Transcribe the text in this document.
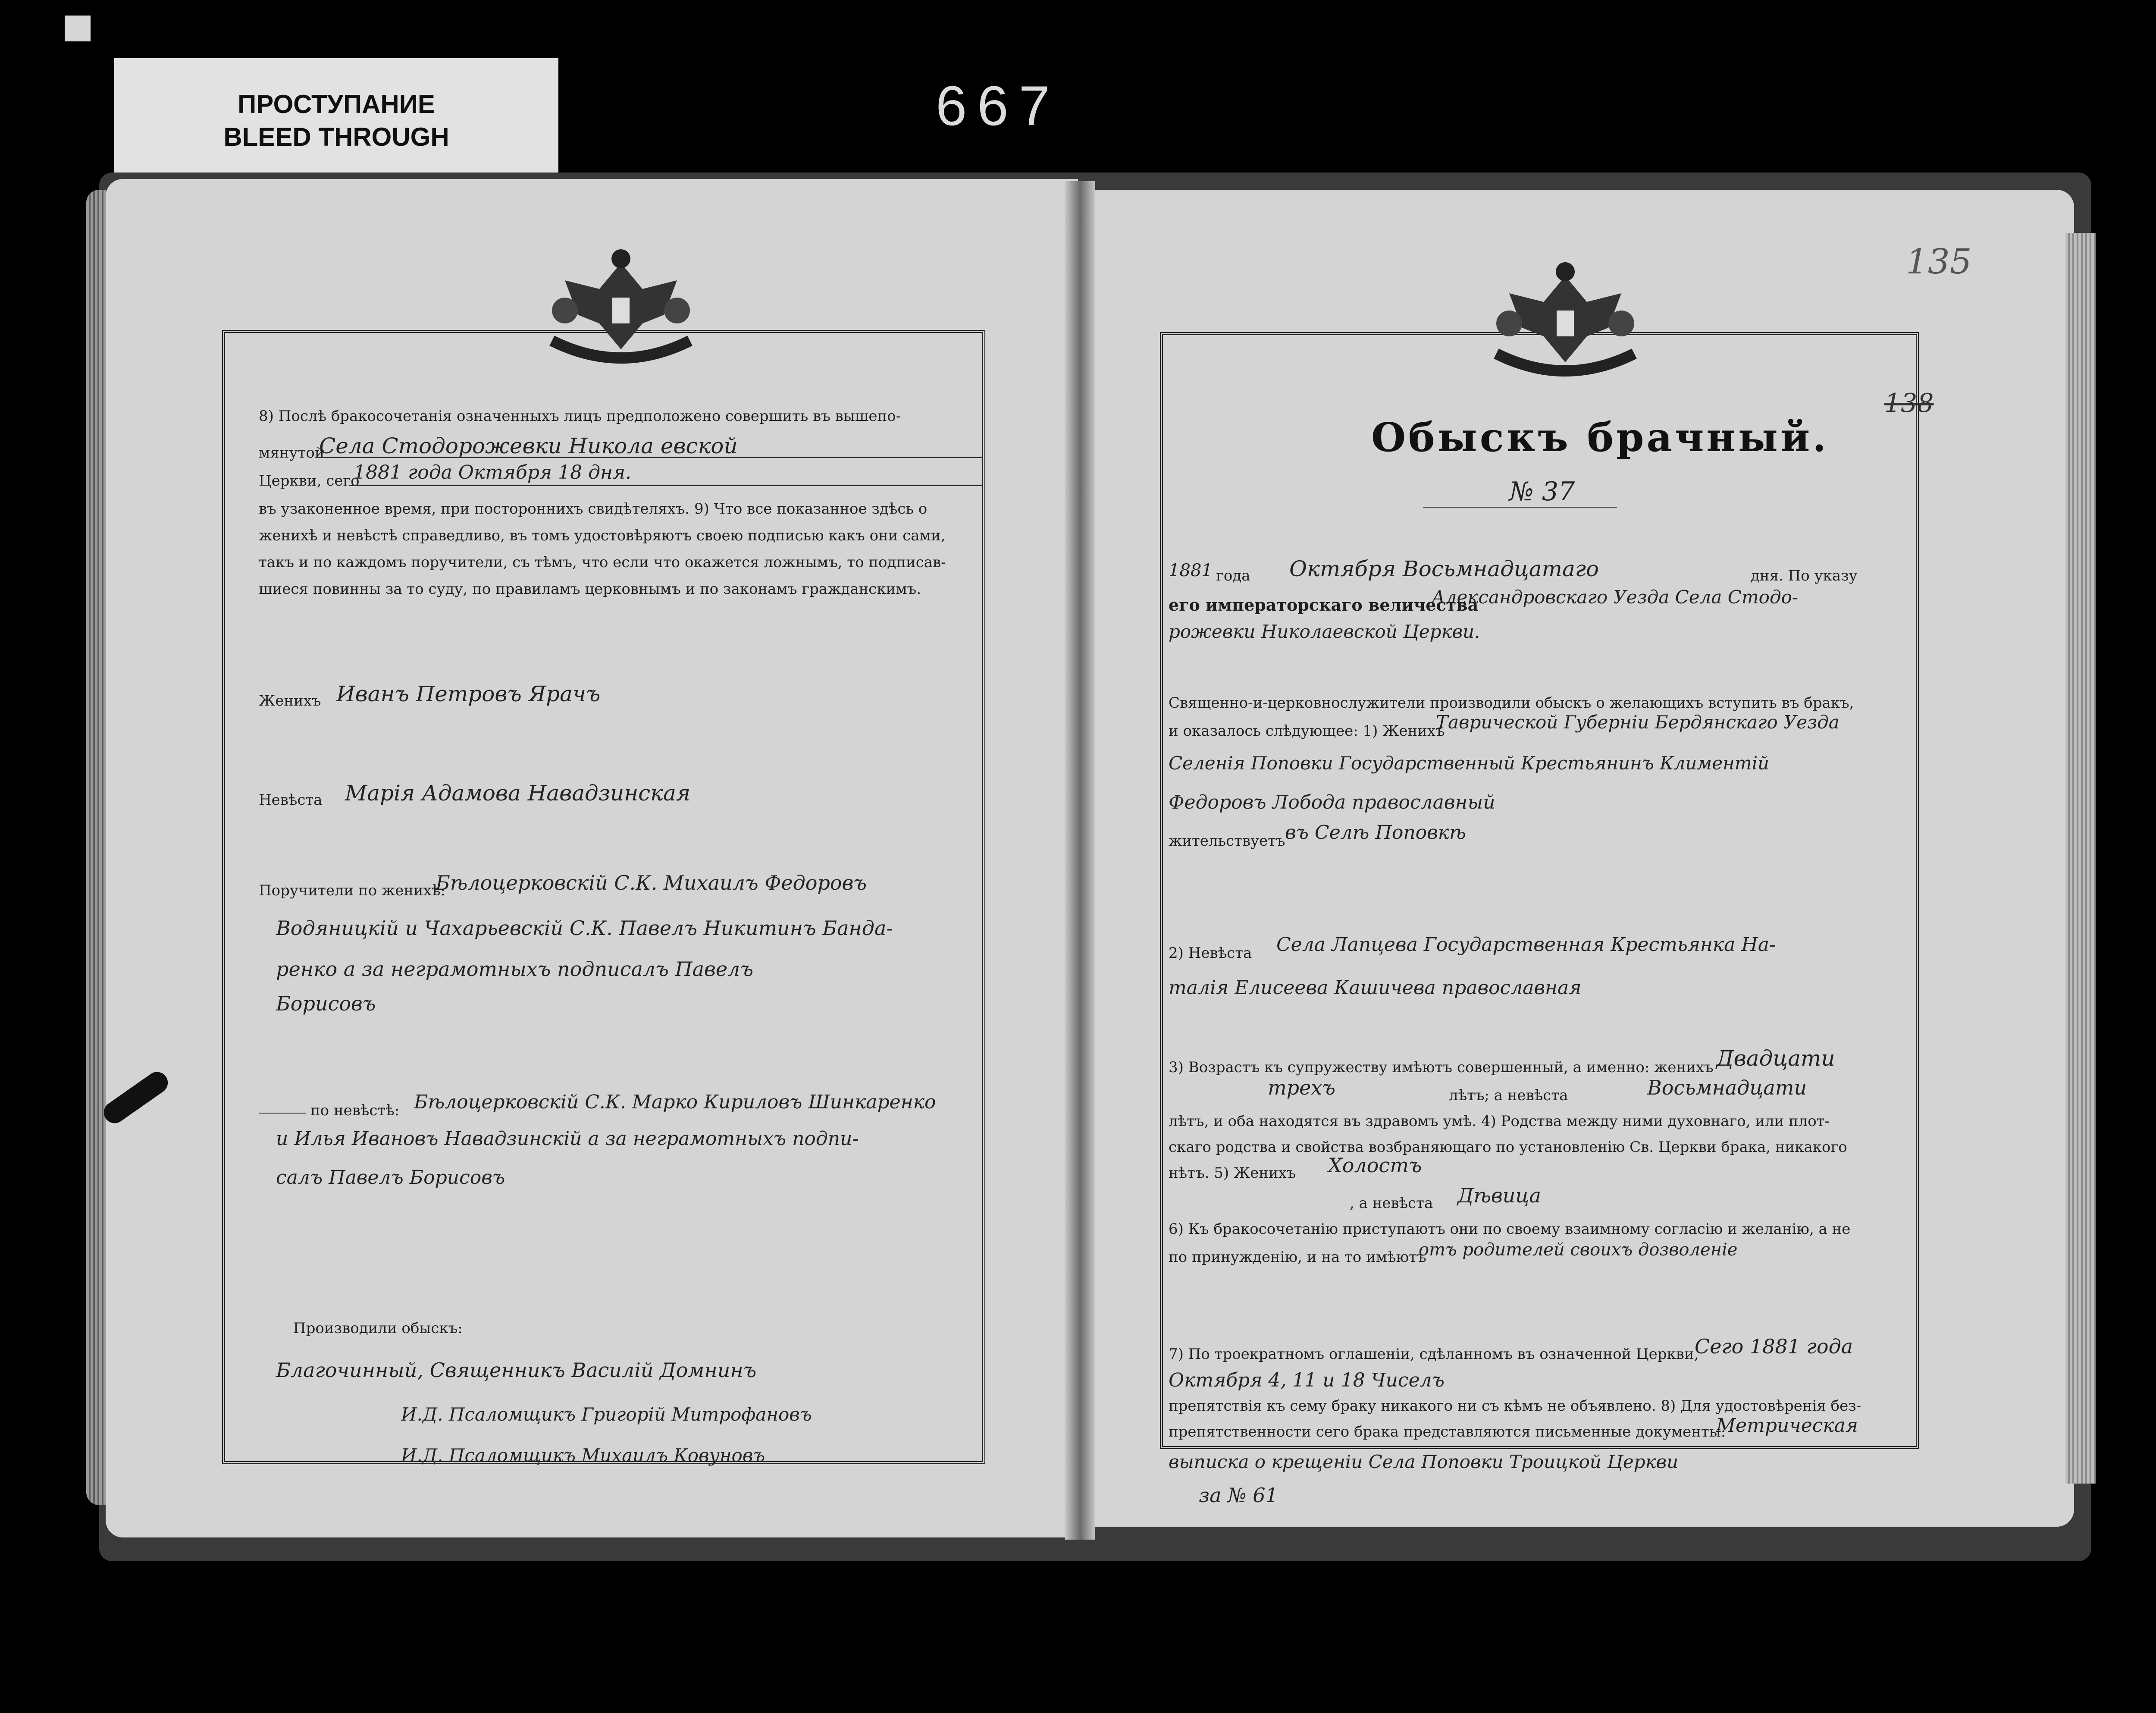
ПРОСТУПАНИЕ
BLEED THROUGH	667
135
138
8) Послѣ бракосочетанія означенныхъ лицъ предположено совершить въ вышепо-
мянутой
Села Стодорожевки Никола евской
Церкви, сего
1881 года Октября 18 дня.
въ узаконенное время, при постороннихъ свидѣтеляхъ. 9) Что все показанное здѣсь о
женихѣ и невѣстѣ справедливо, въ томъ удостовѣряютъ своею подписью какъ они сами,
такъ и по каждомъ поручители, съ тѣмъ, что если что окажется ложнымъ, то подписав-
шиеся повинны за то суду, по правиламъ церковнымъ и по законамъ гражданскимъ.
Женихъ Иванъ Петровъ Ярачъ
Невѣста Марія Адамова Навадзинская
Поручители по женихѣ:
Бѣлоцерковскій С.К. Михаилъ Федоровъ
Водяницкій и Чахарьевскій С.К. Павелъ Никитинъ Банда-
ренко а за неграмотныхъ подписалъ Павелъ
Борисовъ
по невѣстѣ: Бѣлоцерковскій С.К. Марко Кириловъ Шинкаренко
и Илья Ивановъ Навадзинскій а за неграмотныхъ подпи-
салъ Павелъ Борисовъ
Производили обыскъ:
Благочинный, Священникъ Василій Домнинъ
И.Д. Псаломщикъ Григорій Митрофановъ
И.Д. Псаломщикъ Михаилъ Ковуновъ
Обыскъ брачный.
№ 37
1881 года Октября Восьмнадцатаго	дня. По указу
его императорскаго величества
Александровскаго Уезда Села Стодо-
рожевки Николаевской Церкви.
Священно-и-церковнослужители производили обыскъ о желающихъ вступить въ бракъ,
и оказалось слѣдующее: 1) Женихъ
Таврической Губерніи Бердянскаго Уезда
Селенія Поповки Государственный Крестьянинъ Климентій
Федоровъ Лобода православный
жительствуетъ въ Селѣ Поповкѣ
2) Невѣста Села Лапцева Государственная Крестьянка На-
талія Елисеева Кашичева православная
3) Возрастъ къ супружеству имѣютъ совершенный, а именно: женихъ Двадцати
трехъ	лѣтъ; а невѣста	Восьмнадцати
лѣтъ, и оба находятся въ здравомъ умѣ. 4) Родства между ними духовнаго, или плот-
скаго родства и свойства возбраняющаго по установленію Св. Церкви брака, никакого
нѣтъ. 5) Женихъ Холостъ
, а невѣста Дѣвица
6) Къ бракосочетанію приступаютъ они по своему взаимному согласію и желанію, а не
по принужденію, и на то имѣютъ
отъ родителей своихъ дозволеніе
7) По троекратномъ оглашеніи, сдѣланномъ въ означенной Церкви,
Сего 1881 года
Октября 4, 11 и 18 Чиселъ
препятствія къ сему браку никакого ни съ кѣмъ не объявлено. 8) Для удостовѣренія без-
препятственности сего брака представляются письменные документы:
Метрическая
выписка о крещеніи Села Поповки Троицкой Церкви
за № 61
